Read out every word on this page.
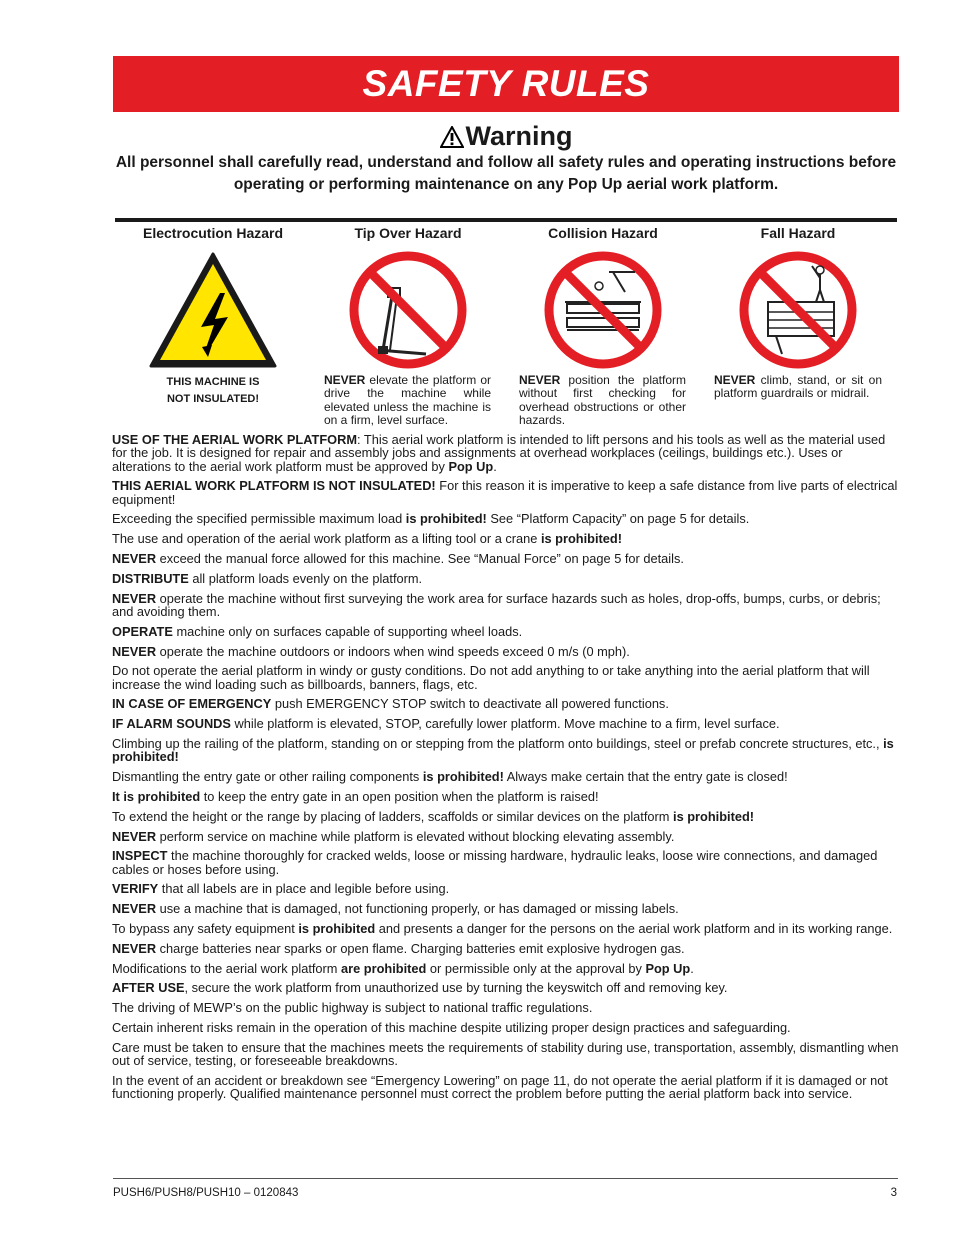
SAFETY RULES
Warning
All personnel shall carefully read, understand and follow all safety rules and operating instructions before operating or performing maintenance on any Pop Up aerial work platform.
Electrocution Hazard
THIS MACHINE IS
NOT INSULATED!
Tip Over Hazard
NEVER elevate the platform or drive the machine while elevated unless the machine is on a firm, level surface.
Collision Hazard
NEVER position the platform without first checking for overhead obstructions or other hazards.
Fall Hazard
NEVER climb, stand, or sit on platform guardrails or midrail.

USE OF THE AERIAL WORK PLATFORM: This aerial work platform is intended to lift persons and his tools as well as the material used for the job. It is designed for repair and assembly jobs and assignments at overhead workplaces (ceilings, buildings etc.). Uses or alterations to the aerial work platform must be approved by Pop Up.

THIS AERIAL WORK PLATFORM IS NOT INSULATED! For this reason it is imperative to keep a safe distance from live parts of electrical equipment!

Exceeding the specified permissible maximum load is prohibited! See “Platform Capacity” on page 5 for details.

The use and operation of the aerial work platform as a lifting tool or a crane is prohibited!

NEVER exceed the manual force allowed for this machine. See “Manual Force” on page 5 for details.

DISTRIBUTE all platform loads evenly on the platform.

NEVER operate the machine without first surveying the work area for surface hazards such as holes, drop-offs, bumps, curbs, or debris; and avoiding them.

OPERATE machine only on surfaces capable of supporting wheel loads.

NEVER operate the machine outdoors or indoors when wind speeds exceed 0 m/s (0 mph).

Do not operate the aerial platform in windy or gusty conditions. Do not add anything to or take anything into the aerial platform that will increase the wind loading such as billboards, banners, flags, etc.

IN CASE OF EMERGENCY push EMERGENCY STOP switch to deactivate all powered functions.

IF ALARM SOUNDS while platform is elevated, STOP, carefully lower platform. Move machine to a firm, level surface.

Climbing up the railing of the platform, standing on or stepping from the platform onto buildings, steel or prefab concrete structures, etc., is prohibited!

Dismantling the entry gate or other railing components is prohibited! Always make certain that the entry gate is closed!

It is prohibited to keep the entry gate in an open position when the platform is raised!

To extend the height or the range by placing of ladders, scaffolds or similar devices on the platform is prohibited!

NEVER perform service on machine while platform is elevated without blocking elevating assembly.

INSPECT the machine thoroughly for cracked welds, loose or missing hardware, hydraulic leaks, loose wire connections, and damaged cables or hoses before using.

VERIFY that all labels are in place and legible before using.

NEVER use a machine that is damaged, not functioning properly, or has damaged or missing labels.

To bypass any safety equipment is prohibited and presents a danger for the persons on the aerial work platform and in its working range.

NEVER charge batteries near sparks or open flame. Charging batteries emit explosive hydrogen gas.

Modifications to the aerial work platform are prohibited or permissible only at the approval by Pop Up.

AFTER USE, secure the work platform from unauthorized use by turning the keyswitch off and removing key.

The driving of MEWP’s on the public highway is subject to national traffic regulations.

Certain inherent risks remain in the operation of this machine despite utilizing proper design practices and safeguarding.

Care must be taken to ensure that the machines meets the requirements of stability during use, transportation, assembly, dismantling when out of service, testing, or foreseeable breakdowns.

In the event of an accident or breakdown see “Emergency Lowering” on page 11, do not operate the aerial platform if it is damaged or not functioning properly. Qualified maintenance personnel must correct the problem before putting the aerial platform back into service.

PUSH6/PUSH8/PUSH10 – 0120843	3
